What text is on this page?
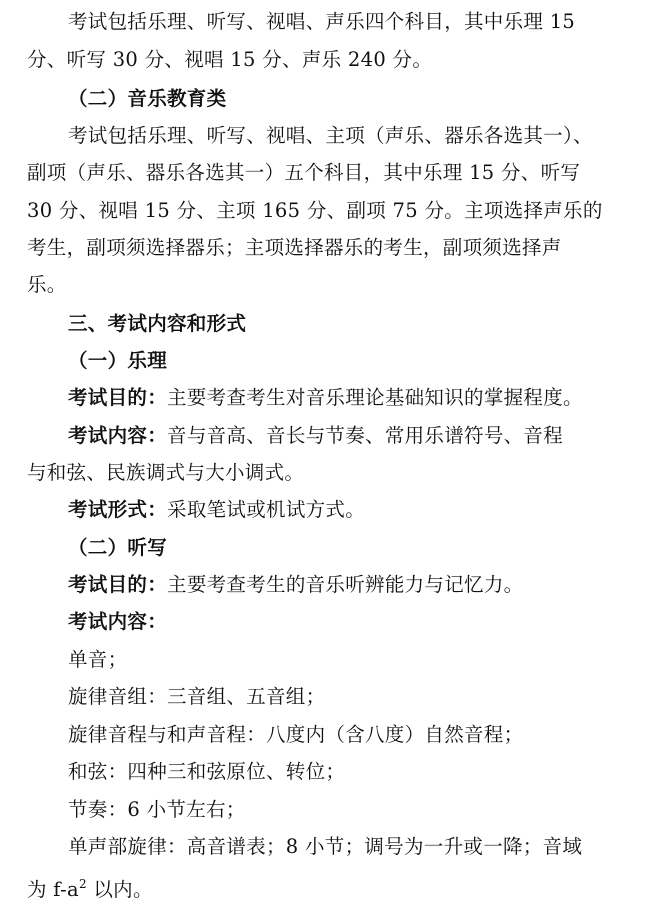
考试包括乐理、听写、视唱、声乐四个科目，其中乐理 15
分、听写 30 分、视唱 15 分、声乐 240 分。
（二）音乐教育类
考试包括乐理、听写、视唱、主项（声乐、器乐各选其一）、
副项（声乐、器乐各选其一）五个科目，其中乐理 15 分、听写
30 分、视唱 15 分、主项 165 分、副项 75 分。主项选择声乐的
考生，副项须选择器乐；主项选择器乐的考生，副项须选择声
乐。
三、考试内容和形式
（一）乐理
考试目的：主要考查考生对音乐理论基础知识的掌握程度。
考试内容：音与音高、音长与节奏、常用乐谱符号、音程
与和弦、民族调式与大小调式。
考试形式：采取笔试或机试方式。
（二）听写
考试目的：主要考查考生的音乐听辨能力与记忆力。
考试内容：
单音；
旋律音组：三音组、五音组；
旋律音程与和声音程：八度内（含八度）自然音程；
和弦：四种三和弦原位、转位；
节奏：6 小节左右；
单声部旋律：高音谱表；8 小节；调号为一升或一降；音域
为 $f-a^2$ 以内。
